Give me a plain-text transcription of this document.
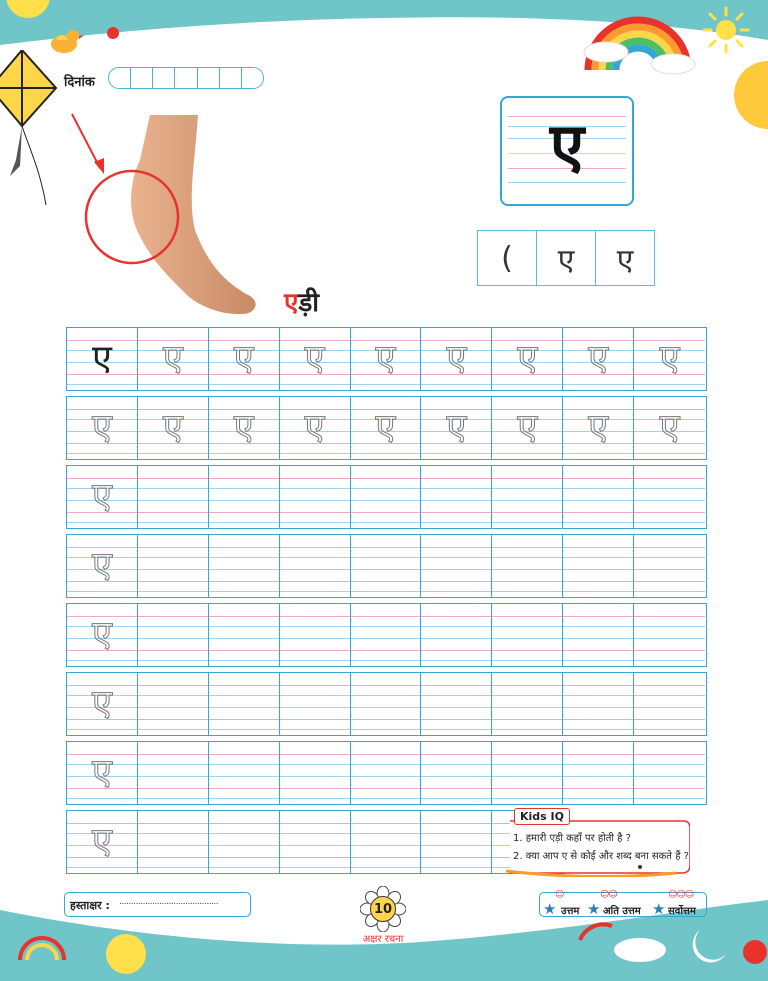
दिनांक
ए
(	ए	ए
एड़ी
ए	ए	ए	ए	ए	ए	ए	ए	ए
ए	ए	ए	ए	ए	ए	ए	ए	ए
ए
ए
ए
ए
ए
ए
Kids IQ
1. हमारी एड़ी कहाँ पर होती है ?
2. क्या आप ए से कोई और शब्द बना सकते हैं ?
हस्ताक्षर : ..........................................	10
अक्षर रचना
☺	☺☺	☺☺☺
★ ★	★
उत्तम अति उत्तम	सर्वोत्तम
